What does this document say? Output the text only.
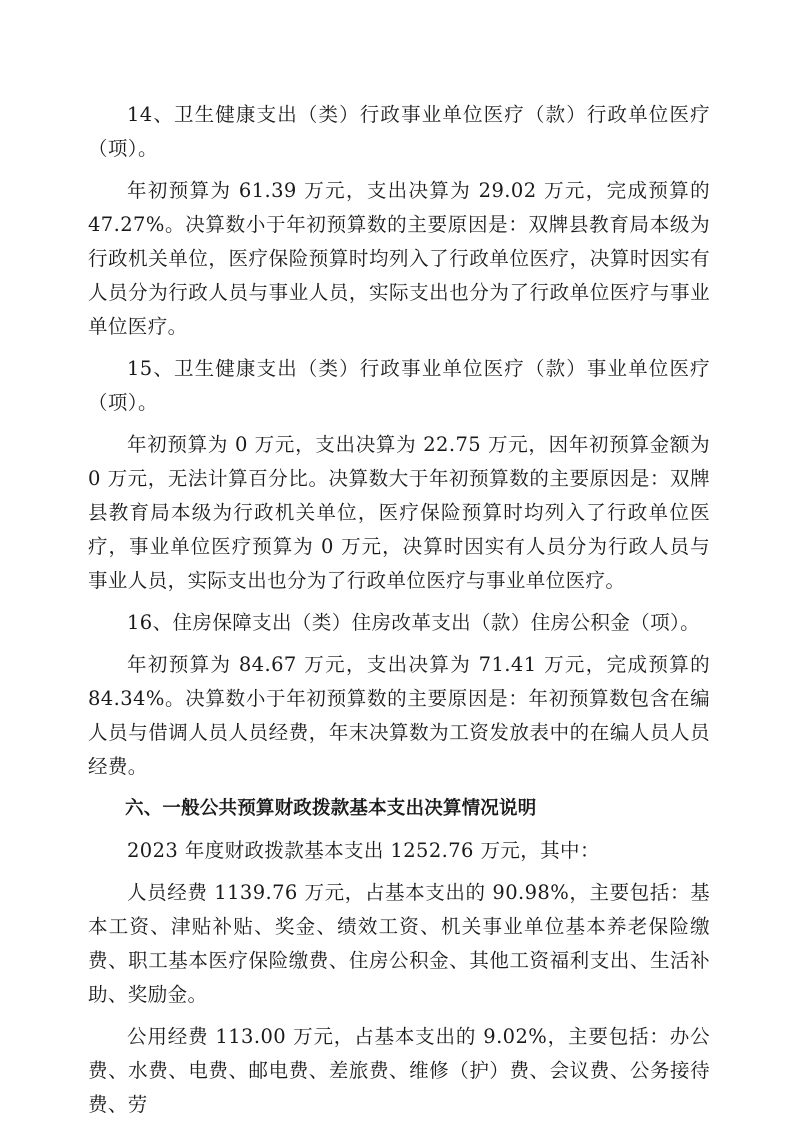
14、卫生健康支出（类）行政事业单位医疗（款）行政单位医疗（项）。

年初预算为 61.39 万元，支出决算为 29.02 万元，完成预算的 47.27%。决算数小于年初预算数的主要原因是：双牌县教育局本级为行政机关单位，医疗保险预算时均列入了行政单位医疗，决算时因实有人员分为行政人员与事业人员，实际支出也分为了行政单位医疗与事业单位医疗。

15、卫生健康支出（类）行政事业单位医疗（款）事业单位医疗（项）。

年初预算为 0 万元，支出决算为 22.75 万元，因年初预算金额为 0 万元，无法计算百分比。决算数大于年初预算数的主要原因是：双牌县教育局本级为行政机关单位，医疗保险预算时均列入了行政单位医疗，事业单位医疗预算为 0 万元，决算时因实有人员分为行政人员与事业人员，实际支出也分为了行政单位医疗与事业单位医疗。

16、住房保障支出（类）住房改革支出（款）住房公积金（项）。

年初预算为 84.67 万元，支出决算为 71.41 万元，完成预算的 84.34%。决算数小于年初预算数的主要原因是：年初预算数包含在编人员与借调人员人员经费，年末决算数为工资发放表中的在编人员人员经费。

六、一般公共预算财政拨款基本支出决算情况说明

2023 年度财政拨款基本支出 1252.76 万元，其中：

人员经费 1139.76 万元，占基本支出的 90.98%，主要包括：基本工资、津贴补贴、奖金、绩效工资、机关事业单位基本养老保险缴费、职工基本医疗保险缴费、住房公积金、其他工资福利支出、生活补助、奖励金。

公用经费 113.00 万元，占基本支出的 9.02%，主要包括：办公费、水费、电费、邮电费、差旅费、维修（护）费、会议费、公务接待费、劳
